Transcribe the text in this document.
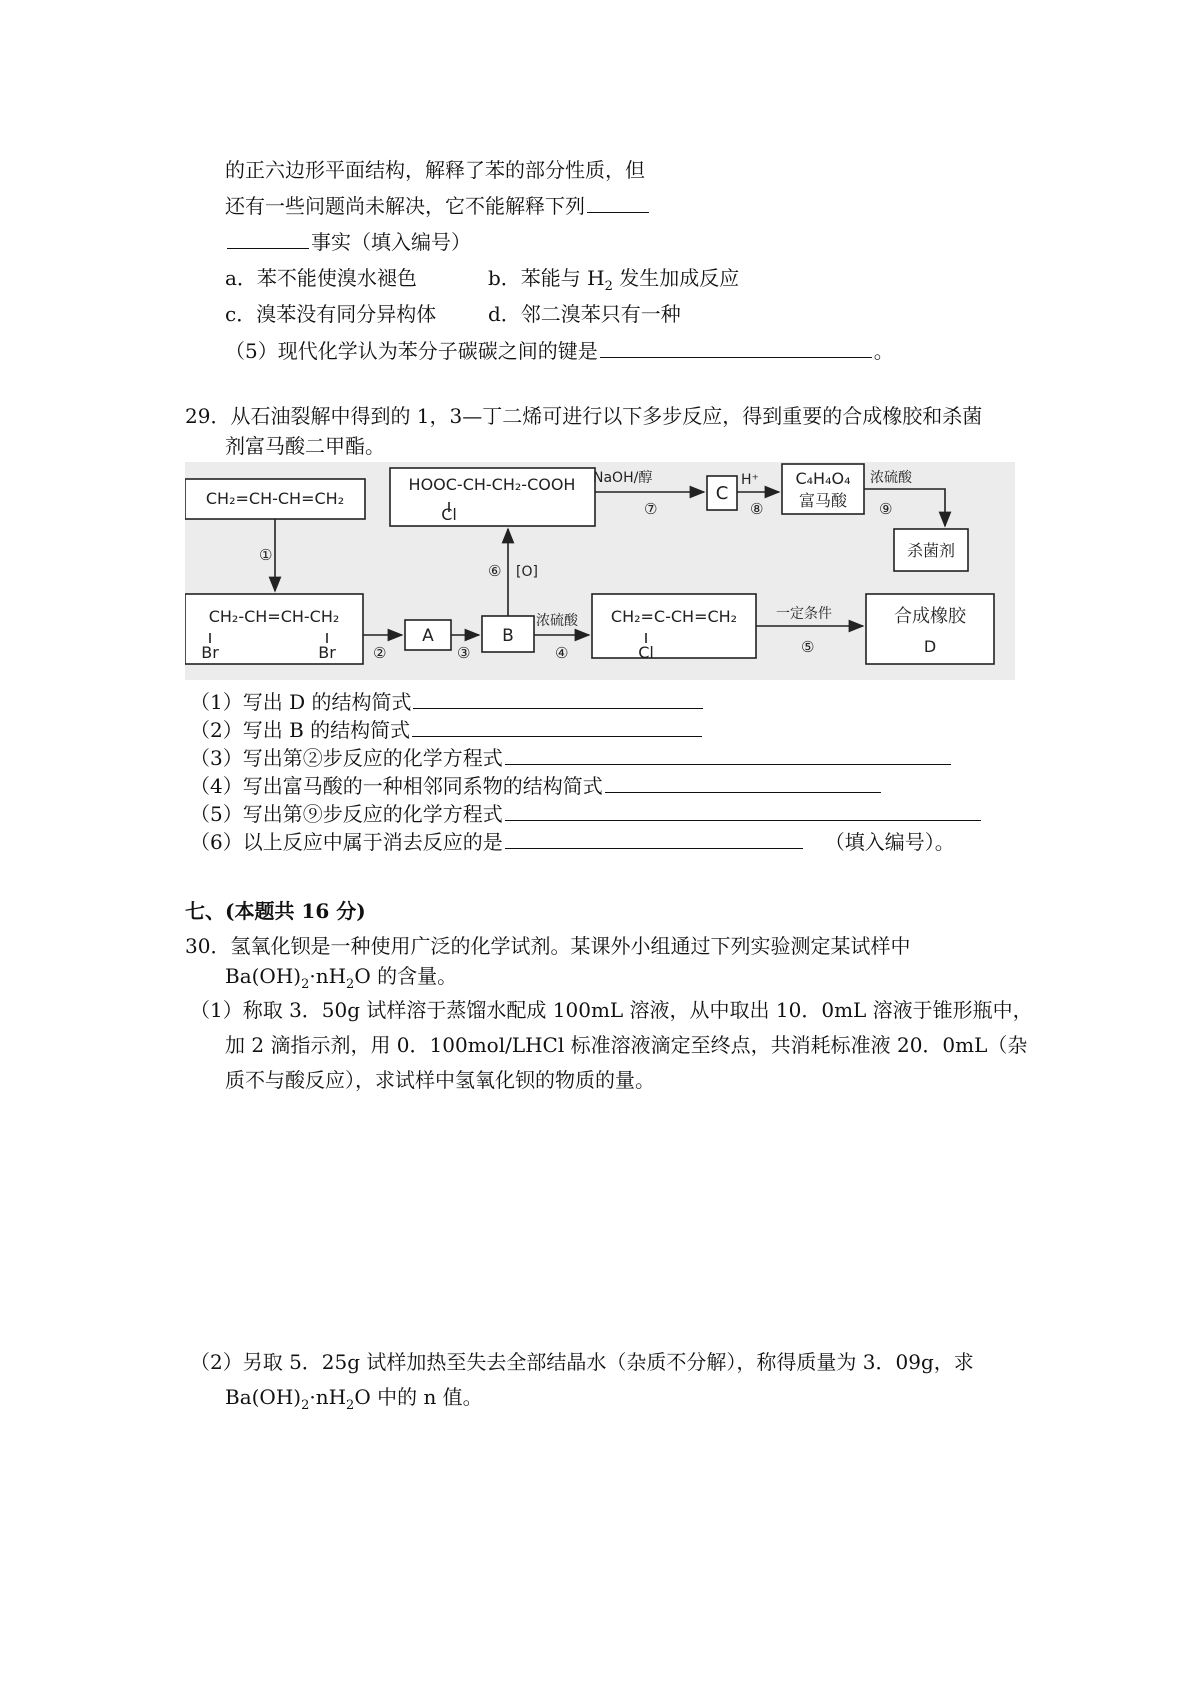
的正六边形平面结构，解释了苯的部分性质，但
还有一些问题尚未解决，它不能解释下列
事实（填入编号）
a．苯不能使溴水褪色	b．苯能与 $H_2$ 发生加成反应
c．溴苯没有同分异构体	d．邻二溴苯只有一种
（5）现代化学认为苯分子碳碳之间的键是	。
29．从石油裂解中得到的 1，3—丁二烯可进行以下多步反应，得到重要的合成橡胶和杀菌
剂富马酸二甲酯。
CH₂=CH-CH=CH₂
HOOC-CH-CH₂-COOH
Cl
C
C₄H₄O₄
富马酸
杀菌剂
CH₂-CH=CH-CH₂
Br	Br
A	B
CH₂=C-CH=CH₂
Cl
合成橡胶
D
NaOH/醇	H⁺	浓硫酸
浓硫酸
[O]
一定条件
①
②	③	④	⑤
⑥
⑦	⑧	⑨
（1）写出 D 的结构简式
（2）写出 B 的结构简式
（3）写出第②步反应的化学方程式
（4）写出富马酸的一种相邻同系物的结构简式
（5）写出第⑨步反应的化学方程式
（6）以上反应中属于消去反应的是	（填入编号）。
七、(本题共 16 分)
30．氢氧化钡是一种使用广泛的化学试剂。某课外小组通过下列实验测定某试样中
$Ba(OH)_2\cdot nH_2O$ 的含量。
（1）称取 3．50g 试样溶于蒸馏水配成 100mL 溶液，从中取出 10．0mL 溶液于锥形瓶中，
加 2 滴指示剂，用 0．100mol/LHCl 标准溶液滴定至终点，共消耗标准液 20．0mL（杂
质不与酸反应），求试样中氢氧化钡的物质的量。
（2）另取 5．25g 试样加热至失去全部结晶水（杂质不分解），称得质量为 3．09g，求
$Ba(OH)_2\cdot nH_2O$ 中的 n 值。
